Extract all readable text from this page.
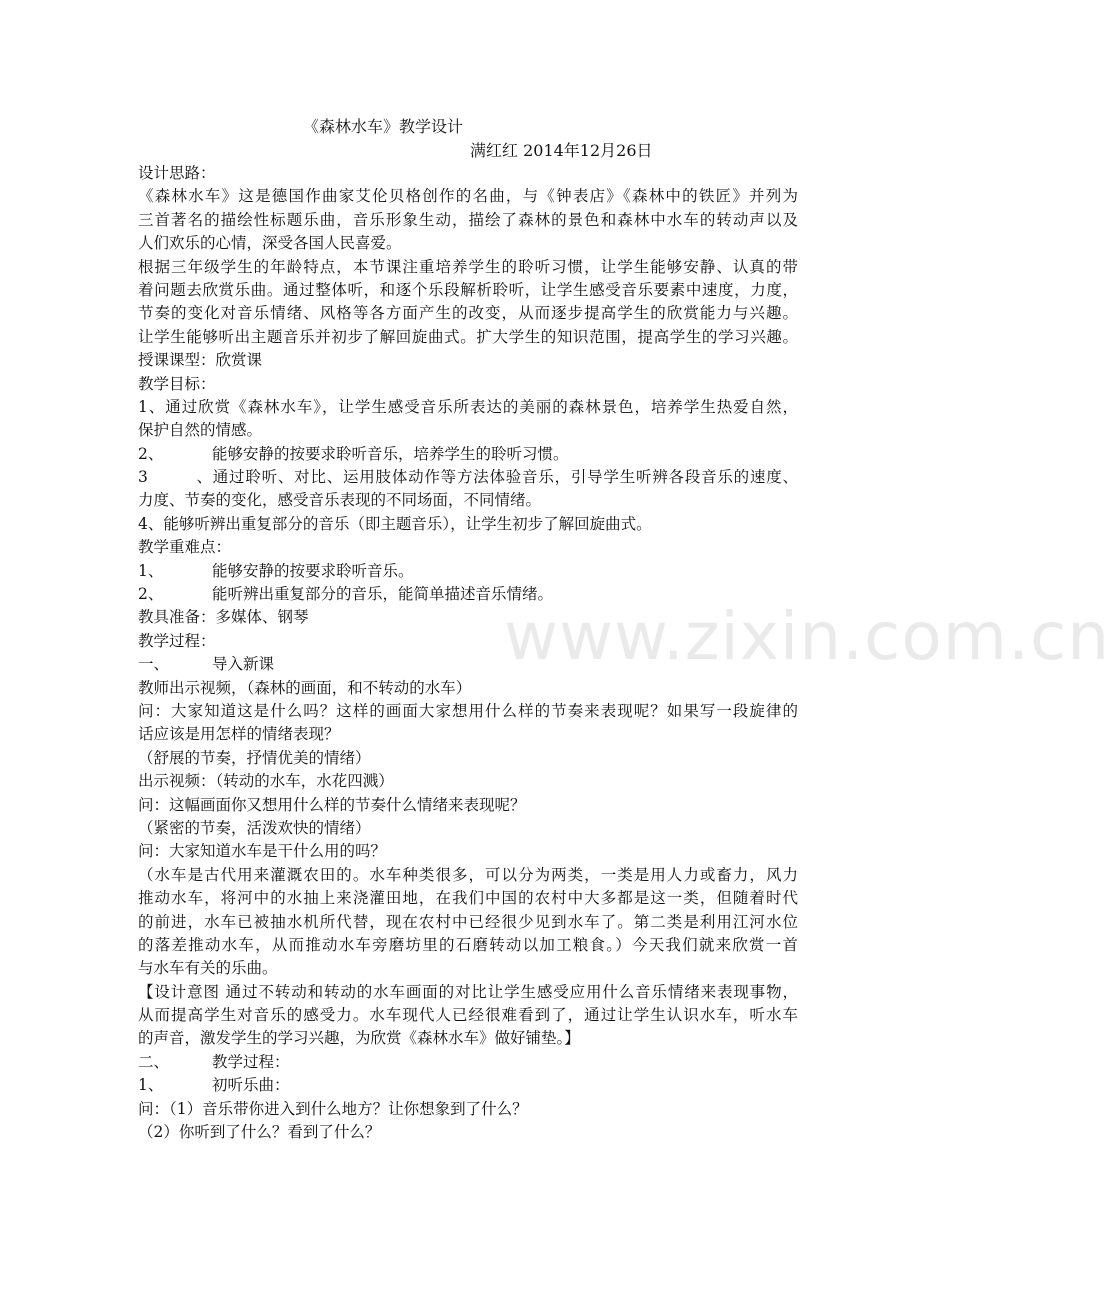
《森林水车》教学设计
满红红 2014年12月26日
设计思路：
《森林水车》这是德国作曲家艾伦贝格创作的名曲，与《钟表店》《森林中的铁匠》并列为
三首著名的描绘性标题乐曲，音乐形象生动，描绘了森林的景色和森林中水车的转动声以及
人们欢乐的心情，深受各国人民喜爱。
根据三年级学生的年龄特点，本节课注重培养学生的聆听习惯，让学生能够安静、认真的带
着问题去欣赏乐曲。通过整体听，和逐个乐段解析聆听，让学生感受音乐要素中速度，力度，
节奏的变化对音乐情绪、风格等各方面产生的改变，从而逐步提高学生的欣赏能力与兴趣。
让学生能够听出主题音乐并初步了解回旋曲式。扩大学生的知识范围，提高学生的学习兴趣。
授课课型：欣赏课
教学目标：
1、通过欣赏《森林水车》，让学生感受音乐所表达的美丽的森林景色，培养学生热爱自然，
保护自然的情感。
2、	能够安静的按要求聆听音乐，培养学生的聆听习惯。
3、通过聆听、对比、运用肢体动作等方法体验音乐，引导学生听辨各段音乐的速度、
力度、节奏的变化，感受音乐表现的不同场面，不同情绪。
4、能够听辨出重复部分的音乐（即主题音乐），让学生初步了解回旋曲式。
教学重难点：
1、	能够安静的按要求聆听音乐。
2、	能听辨出重复部分的音乐，能简单描述音乐情绪。
教具准备：多媒体、钢琴
教学过程：
一、	导入新课
教师出示视频，（森林的画面，和不转动的水车）
问：大家知道这是什么吗？这样的画面大家想用什么样的节奏来表现呢？如果写一段旋律的
话应该是用怎样的情绪表现？
（舒展的节奏，抒情优美的情绪）
出示视频：（转动的水车，水花四溅）
问：这幅画面你又想用什么样的节奏什么情绪来表现呢？
（紧密的节奏，活泼欢快的情绪）
问：大家知道水车是干什么用的吗？
（水车是古代用来灌溉农田的。水车种类很多，可以分为两类，一类是用人力或畜力，风力
推动水车，将河中的水抽上来浇灌田地，在我们中国的农村中大多都是这一类，但随着时代
的前进，水车已被抽水机所代替，现在农村中已经很少见到水车了。第二类是利用江河水位
的落差推动水车，从而推动水车旁磨坊里的石磨转动以加工粮食。）今天我们就来欣赏一首
与水车有关的乐曲。
【设计意图 通过不转动和转动的水车画面的对比让学生感受应用什么音乐情绪来表现事物，
从而提高学生对音乐的感受力。水车现代人已经很难看到了，通过让学生认识水车，听水车
的声音，激发学生的学习兴趣，为欣赏《森林水车》做好铺垫。】
二、	教学过程：
1、	初听乐曲：
问：（1）音乐带你进入到什么地方？让你想象到了什么？
（2）你听到了什么？看到了什么？
www.zixin.com.cn
